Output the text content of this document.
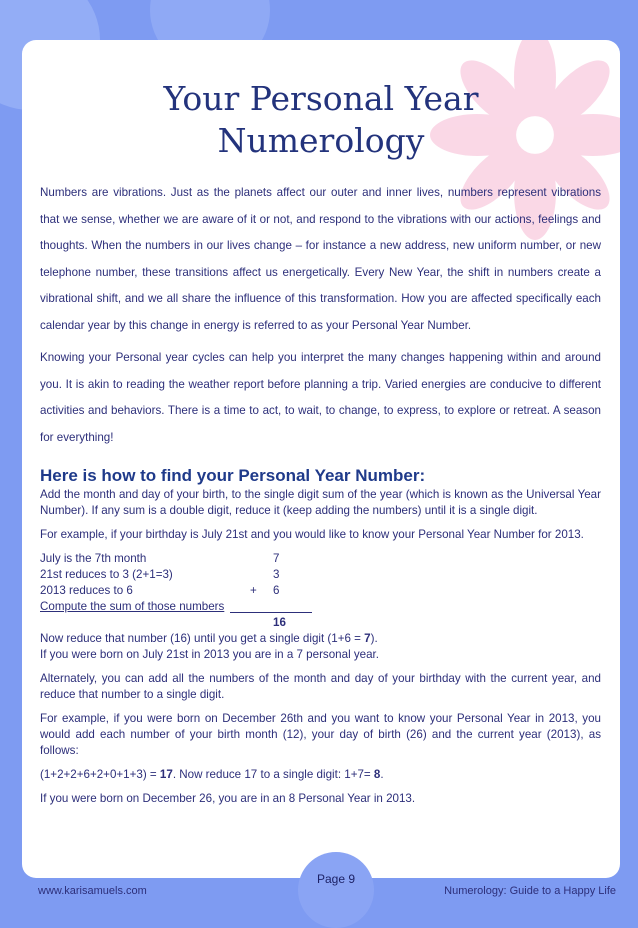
Your Personal Year
Numerology

Numbers are vibrations. Just as the planets affect our outer and inner lives, numbers represent vibrations that we sense, whether we are aware of it or not, and respond to the vibrations with our actions, feelings and thoughts. When the numbers in our lives change – for instance a new address, new uniform number, or new telephone number, these transitions affect us energetically. Every New Year, the shift in numbers create a vibrational shift, and we all share the influence of this transformation. How you are affected specifically each calendar year by this change in energy is referred to as your Personal Year Number.

Knowing your Personal year cycles can help you interpret the many changes happening within and around you. It is akin to reading the weather report before planning a trip. Varied energies are conducive to different activities and behaviors. There is a time to act, to wait, to change, to express, to explore or retreat. A season for everything!

Here is how to find your Personal Year Number:

Add the month and day of your birth, to the single digit sum of the year (which is known as the Universal Year Number). If any sum is a double digit, reduce it (keep adding the numbers) until it is a single digit.

For example, if your birthday is July 21st and you would like to know your Personal Year Number for 2013.

July is the 7th month	7
21st reduces to 3 (2+1=3)	3
2013 reduces to 6	+ 6
Compute the sum of those numbers
16

Now reduce that number (16) until you get a single digit (1+6 = 7).

If you were born on July 21st in 2013 you are in a 7 personal year.

Alternately, you can add all the numbers of the month and day of your birthday with the current year, and reduce that number to a single digit.

For example, if you were born on December 26th and you want to know your Personal Year in 2013, you would add each number of your birth month (12), your day of birth (26) and the current year (2013), as follows:

(1+2+2+6+2+0+1+3) = 17. Now reduce 17 to a single digit: 1+7= 8.

If you were born on December 26, you are in an 8 Personal Year in 2013.

Page 9
www.karisamuels.com	Numerology: Guide to a Happy Life
